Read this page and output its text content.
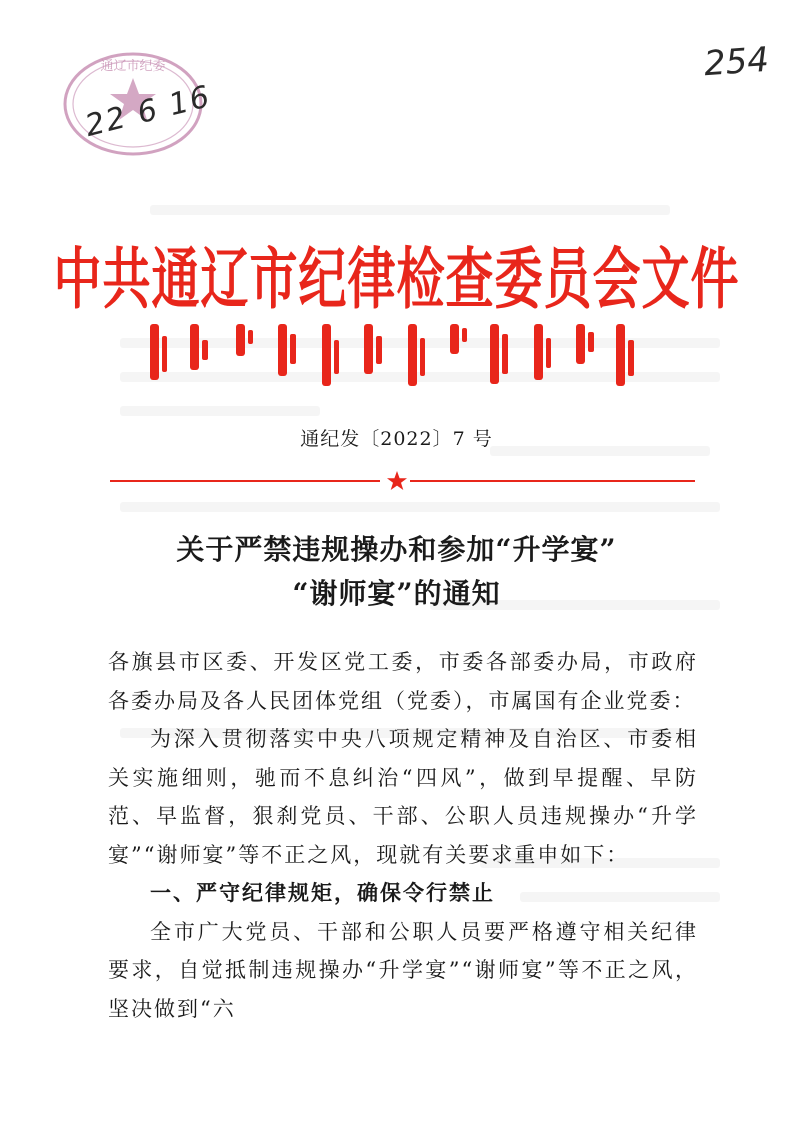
通辽市纪委
22 6 16
254
中共通辽市纪律检查委员会文件
通纪发〔2022〕7 号
关于严禁违规操办和参加“升学宴”
“谢师宴”的通知

各旗县市区委、开发区党工委，市委各部委办局，市政府各委办局及各人民团体党组（党委），市属国有企业党委：

为深入贯彻落实中央八项规定精神及自治区、市委相关实施细则，驰而不息纠治“四风”，做到早提醒、早防范、早监督，狠刹党员、干部、公职人员违规操办“升学宴”“谢师宴”等不正之风，现就有关要求重申如下：

一、严守纪律规矩，确保令行禁止

全市广大党员、干部和公职人员要严格遵守相关纪律要求，自觉抵制违规操办“升学宴”“谢师宴”等不正之风，坚决做到“六
